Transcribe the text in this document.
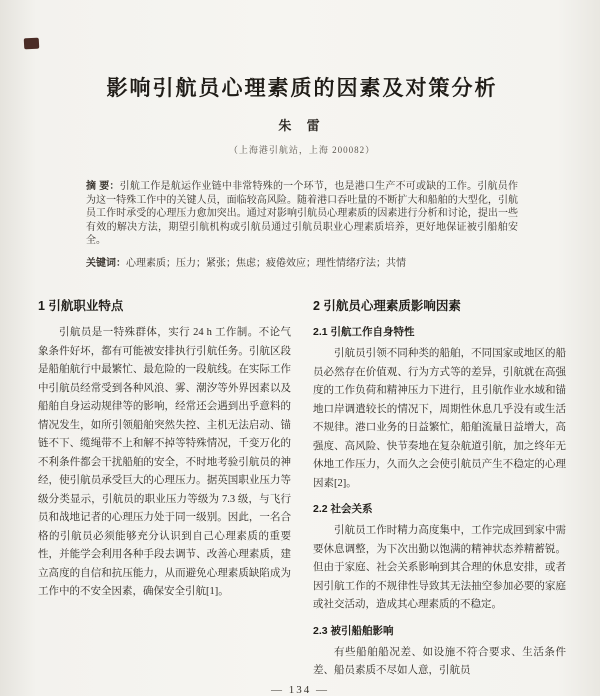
影响引航员心理素质的因素及对策分析
朱 雷
（上海港引航站，上海 200082）

摘 要：引航工作是航运作业链中非常特殊的一个环节，也是港口生产不可或缺的工作。引航员作为这一特殊工作中的关键人员，面临较高风险。随着港口吞吐量的不断扩大和船舶的大型化，引航员工作时承受的心理压力愈加突出。通过对影响引航员心理素质的因素进行分析和讨论，提出一些有效的解决方法，期望引航机构或引航员通过引航员职业心理素质培养，更好地保证被引船舶安全。

关键词：心理素质；压力；紧张；焦虑；疲倦效应；理性情绪疗法；共情

1 引航职业特点

引航员是一特殊群体，实行 24 h 工作制。不论气象条件好坏，都有可能被安排执行引航任务。引航区段是船舶航行中最繁忙、最危险的一段航线。在实际工作中引航员经常受到各种风浪、雾、潮汐等外界因素以及船舶自身运动规律等的影响，经常还会遇到出乎意料的情况发生，如所引领船舶突然失控、主机无法启动、锚链不下、缆绳带不上和解不掉等特殊情况，千变万化的不利条件都会干扰船舶的安全，不时地考验引航员的神经，使引航员承受巨大的心理压力。据英国职业压力等级分类显示，引航员的职业压力等级为 7.3 级，与飞行员和战地记者的心理压力处于同一级别。因此，一名合格的引航员必须能够充分认识到自己心理素质的重要性，并能学会利用各种手段去调节、改善心理素质，建立高度的自信和抗压能力，从而避免心理素质缺陷成为工作中的不安全因素，确保安全引航[1]。

2 引航员心理素质影响因素
2.1 引航工作自身特性

引航员引领不同种类的船舶，不同国家或地区的船员必然存在价值观、行为方式等的差异，引航就在高强度的工作负荷和精神压力下进行，且引航作业水域和锚地口岸调遣较长的情况下，周期性休息几乎没有或生活不规律。港口业务的日益繁忙，船舶流量日益增大，高强度、高风险、快节奏地在复杂航道引航，加之终年无休地工作压力，久而久之会使引航员产生不稳定的心理因素[2]。

2.2 社会关系

引航员工作时精力高度集中，工作完成回到家中需要休息调整，为下次出勤以饱满的精神状态养精蓄锐。但由于家庭、社会关系影响到其合理的休息安排，或者因引航工作的不规律性导致其无法抽空参加必要的家庭或社交活动，造成其心理素质的不稳定。

2.3 被引船舶影响

有些船舶船况差、如设施不符合要求、生活条件差、船员素质不尽如人意，引航员

— 134 —
